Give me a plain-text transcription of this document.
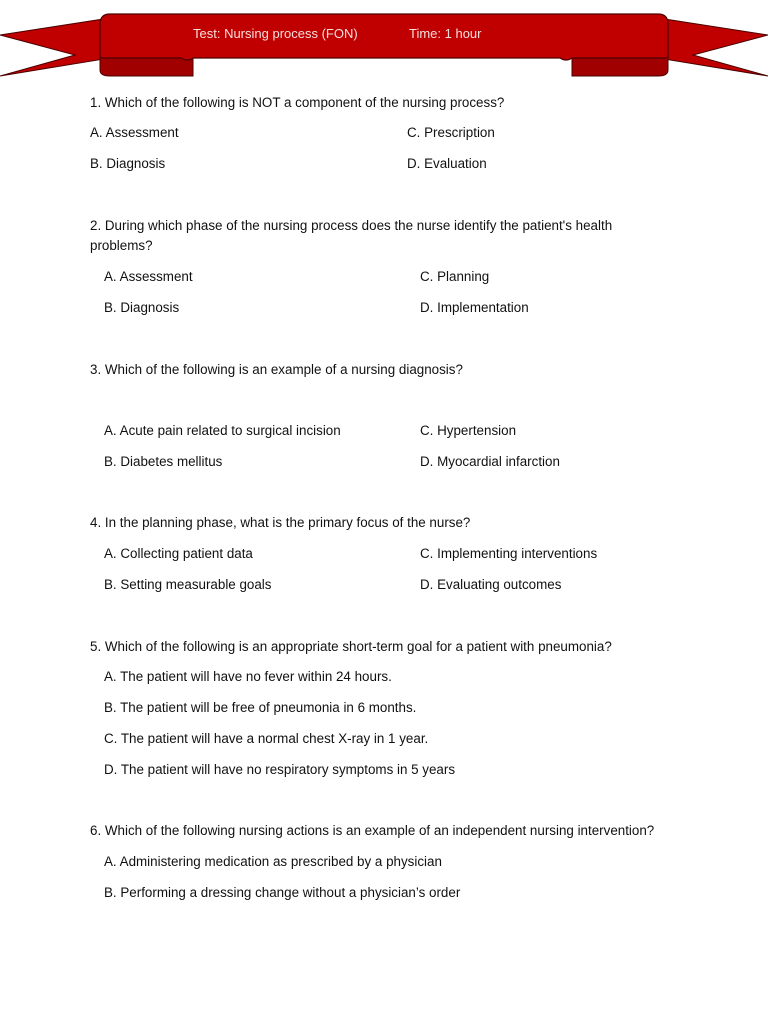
Test: Nursing process (FON)	Time: 1 hour
1. Which of the following is NOT a component of the nursing process?
A. Assessment
B. Diagnosis
C. Prescription
D. Evaluation
2. During which phase of the nursing process does the nurse identify the patient's health problems?
A. Assessment
B. Diagnosis
C. Planning
D. Implementation
3. Which of the following is an example of a nursing diagnosis?
A. Acute pain related to surgical incision
B. Diabetes mellitus
C. Hypertension
D. Myocardial infarction
4. In the planning phase, what is the primary focus of the nurse?
A. Collecting patient data
B. Setting measurable goals
C. Implementing interventions
D. Evaluating outcomes
5. Which of the following is an appropriate short-term goal for a patient with pneumonia?
A. The patient will have no fever within 24 hours.
B. The patient will be free of pneumonia in 6 months.
C. The patient will have a normal chest X-ray in 1 year.
D. The patient will have no respiratory symptoms in 5 years
6. Which of the following nursing actions is an example of an independent nursing intervention?
A. Administering medication as prescribed by a physician
B. Performing a dressing change without a physician’s order
